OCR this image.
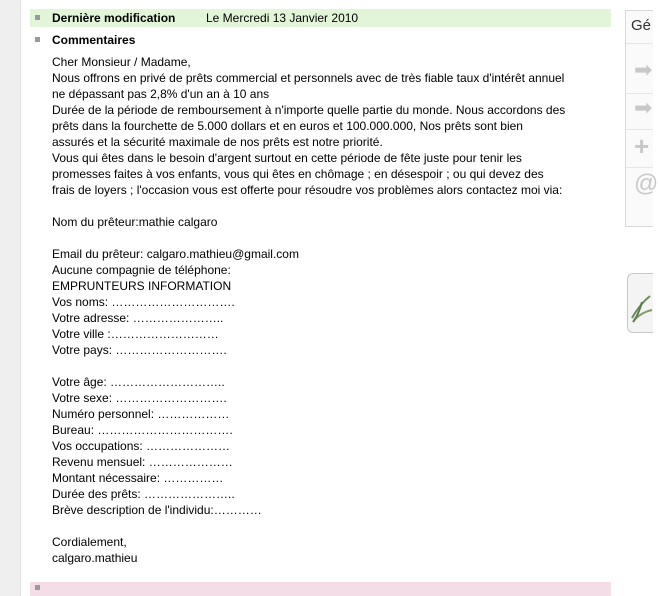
Dernière modification	Le Mercredi 13 Janvier 2010
Commentaires
Cher Monsieur / Madame,
Nous offrons en privé de prêts commercial et personnels avec de très fiable taux d'intérêt annuel
ne dépassant pas 2,8% d'un an à 10 ans
Durée de la période de remboursement à n'importe quelle partie du monde. Nous accordons des
prêts dans la fourchette de 5.000 dollars et en euros et 100.000.000, Nos prêts sont bien
assurés et la sécurité maximale de nos prêts est notre priorité.
Vous qui êtes dans le besoin d'argent surtout en cette période de fête juste pour tenir les
promesses faites à vos enfants, vous qui êtes en chômage ; en désespoir ; ou qui devez des
frais de loyers ; l'occasion vous est offerte pour résoudre vos problèmes alors contactez moi via:

Nom du prêteur:mathie calgaro

Email du prêteur: calgaro.mathieu@gmail.com
Aucune compagnie de téléphone:
EMPRUNTEURS INFORMATION
Vos noms: ………………………….
Votre adresse: …………………..
Votre ville :………………………
Votre pays: ……………………….

Votre âge: ………………………..
Votre sexe: ……………………….
Numéro personnel: ………………
Bureau: …………………………….
Vos occupations: …………………
Revenu mensuel: …………………
Montant nécessaire: ……………
Durée des prêts: …………………..
Brève description de l'individu:…………

Cordialement,
calgaro.mathieu
Gé
➡
➡
+
@
